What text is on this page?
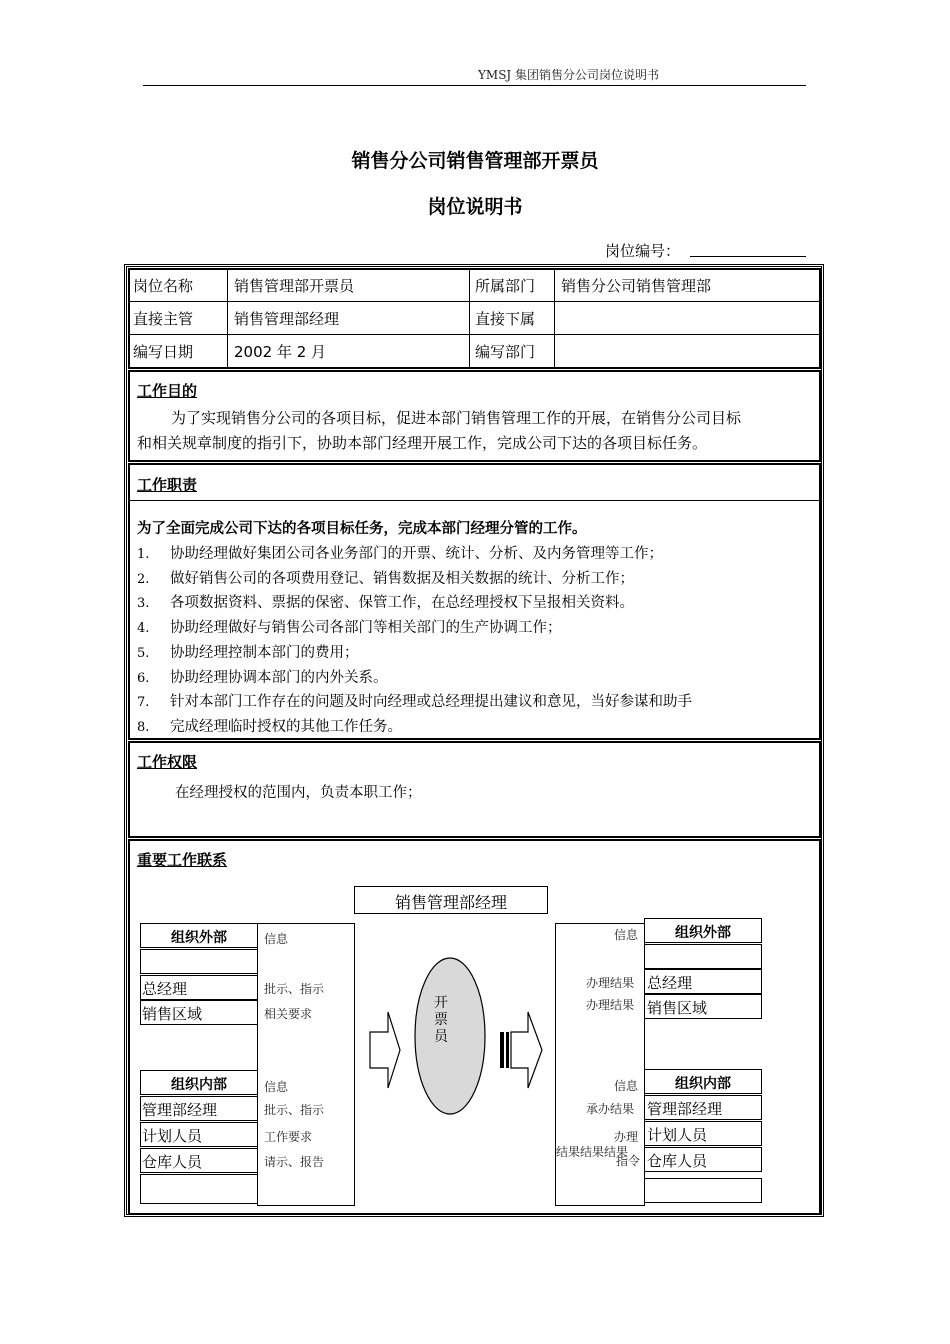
YMSJ 集团销售分公司岗位说明书
销售分公司销售管理部开票员
岗位说明书
岗位编号：
岗位名称	销售管理部开票员	所属部门 销售分公司销售管理部
直接主管	销售管理部经理	直接下属
编写日期	2002 年 2 月	编写部门
工作目的
为了实现销售分公司的各项目标，促进本部门销售管理工作的开展，在销售分公司目标
和相关规章制度的指引下，协助本部门经理开展工作，完成公司下达的各项目标任务。
工作职责
为了全面完成公司下达的各项目标任务，完成本部门经理分管的工作。
1. 协助经理做好集团公司各业务部门的开票、统计、分析、及内务管理等工作；
2. 做好销售公司的各项费用登记、销售数据及相关数据的统计、分析工作；
3. 各项数据资料、票据的保密、保管工作，在总经理授权下呈报相关资料。
4. 协助经理做好与销售公司各部门等相关部门的生产协调工作；
5. 协助经理控制本部门的费用；
6. 协助经理协调本部门的内外关系。
7. 针对本部门工作存在的问题及时向经理或总经理提出建议和意见，当好参谋和助手
8. 完成经理临时授权的其他工作任务。
工作权限
在经理授权的范围内，负责本职工作；
重要工作联系
销售管理部经理
组织外部
总经理
销售区域
信息
批示、指示
相关要求
组织内部
管理部经理
计划人员
仓库人员
信息
批示、指示
工作要求
请示、报告
开票员
组织外部
总经理
销售区域
信息
办理结果
办理结果
组织内部
管理部经理
计划人员
仓库人员
信息
承办结果
办理
结果结果结果
指令
